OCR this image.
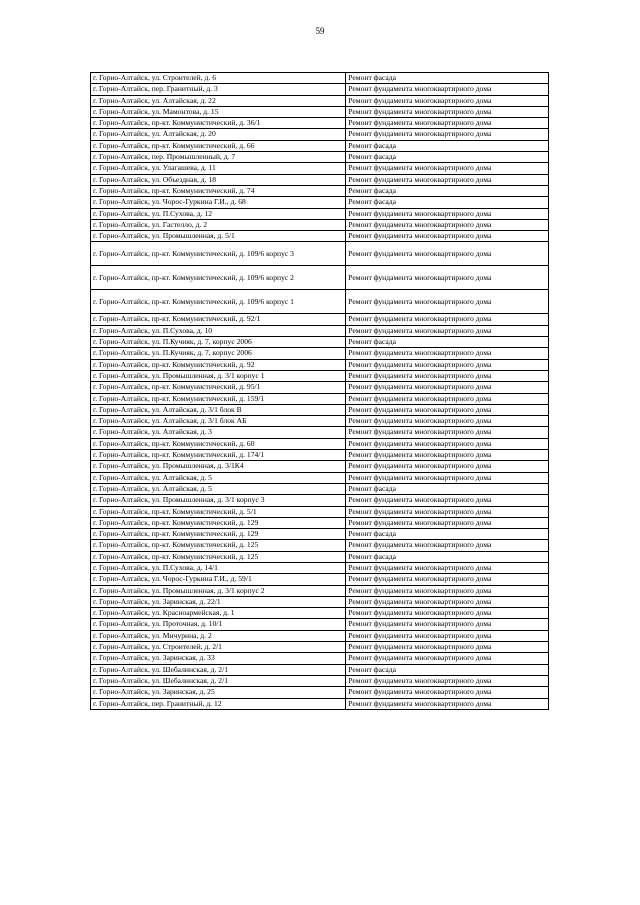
59
г. Горно-Алтайск, ул. Строителей, д. 6	Ремонт фасада
г. Горно-Алтайск, пер. Гранитный, д. 3	Ремонт фундамента многоквартирного дома
г. Горно-Алтайск, ул. Алтайская, д. 22	Ремонт фундамента многоквартирного дома
г. Горно-Алтайск, ул. Мамонтова, д. 15	Ремонт фундамента многоквартирного дома
г. Горно-Алтайск, пр-кт. Коммунистический, д. 36/1	Ремонт фундамента многоквартирного дома
г. Горно-Алтайск, ул. Алтайская, д. 20	Ремонт фундамента многоквартирного дома
г. Горно-Алтайск, пр-кт. Коммунистический, д. 66	Ремонт фасада
г. Горно-Алтайск, пер. Промышленный, д. 7	Ремонт фасада
г. Горно-Алтайск, ул. Улагашева, д. 11	Ремонт фундамента многоквартирного дома
г. Горно-Алтайск, ул. Объездная, д. 18	Ремонт фундамента многоквартирного дома
г. Горно-Алтайск, пр-кт. Коммунистический, д. 74	Ремонт фасада
г. Горно-Алтайск, ул. Чорос-Гуркина Г.И., д. 68	Ремонт фасада
г. Горно-Алтайск, ул. П.Сухова, д. 12	Ремонт фундамента многоквартирного дома
г. Горно-Алтайск, ул. Гастелло, д. 2	Ремонт фундамента многоквартирного дома
г. Горно-Алтайск, ул. Промышленная, д. 5/1	Ремонт фундамента многоквартирного дома
г. Горно-Алтайск, пр-кт. Коммунистический, д. 109/6 корпус 3	Ремонт фундамента многоквартирного дома
г. Горно-Алтайск, пр-кт. Коммунистический, д. 109/6 корпус 2	Ремонт фундамента многоквартирного дома
г. Горно-Алтайск, пр-кт. Коммунистический, д. 109/6 корпус 1	Ремонт фундамента многоквартирного дома
г. Горно-Алтайск, пр-кт. Коммунистический, д. 92/1	Ремонт фундамента многоквартирного дома
г. Горно-Алтайск, ул. П.Сухова, д. 10	Ремонт фундамента многоквартирного дома
г. Горно-Алтайск, ул. П.Кучияк, д. 7, корпус 2006	Ремонт фасада
г. Горно-Алтайск, ул. П.Кучияк, д. 7, корпус 2006	Ремонт фундамента многоквартирного дома
г. Горно-Алтайск, пр-кт. Коммунистический, д. 92	Ремонт фундамента многоквартирного дома
г. Горно-Алтайск, ул. Промышленная, д. 3/1 корпус 1	Ремонт фундамента многоквартирного дома
г. Горно-Алтайск, пр-кт. Коммунистический, д. 95/1	Ремонт фундамента многоквартирного дома
г. Горно-Алтайск, пр-кт. Коммунистический, д. 159/1	Ремонт фундамента многоквартирного дома
г. Горно-Алтайск, ул. Алтайская, д. 3/1 блок В	Ремонт фундамента многоквартирного дома
г. Горно-Алтайск, ул. Алтайская, д. 3/1 блок АБ	Ремонт фундамента многоквартирного дома
г. Горно-Алтайск, ул. Алтайская, д. 3	Ремонт фундамента многоквартирного дома
г. Горно-Алтайск, пр-кт. Коммунистический, д. 60	Ремонт фундамента многоквартирного дома
г. Горно-Алтайск, пр-кт. Коммунистический, д. 174/1	Ремонт фундамента многоквартирного дома
г. Горно-Алтайск, ул. Промышленная, д. 3/1К4	Ремонт фундамента многоквартирного дома
г. Горно-Алтайск, ул. Алтайская, д. 5	Ремонт фундамента многоквартирного дома
г. Горно-Алтайск, ул. Алтайская, д. 5	Ремонт фасада
г. Горно-Алтайск, ул. Промышленная, д. 3/1 корпус 3	Ремонт фундамента многоквартирного дома
г. Горно-Алтайск, пр-кт. Коммунистический, д. 5/1	Ремонт фундамента многоквартирного дома
г. Горно-Алтайск, пр-кт. Коммунистический, д. 129	Ремонт фундамента многоквартирного дома
г. Горно-Алтайск, пр-кт. Коммунистический, д. 129	Ремонт фасада
г. Горно-Алтайск, пр-кт. Коммунистический, д. 125	Ремонт фундамента многоквартирного дома
г. Горно-Алтайск, пр-кт. Коммунистический, д. 125	Ремонт фасада
г. Горно-Алтайск, ул. П.Сухова, д. 14/1	Ремонт фундамента многоквартирного дома
г. Горно-Алтайск, ул. Чорос-Гуркина Г.И., д. 59/1	Ремонт фундамента многоквартирного дома
г. Горно-Алтайск, ул. Промышленная, д. 3/1 корпус 2	Ремонт фундамента многоквартирного дома
г. Горно-Алтайск, ул. Заринская, д. 22/1	Ремонт фундамента многоквартирного дома
г. Горно-Алтайск, ул. Красноармейская, д. 1	Ремонт фундамента многоквартирного дома
г. Горно-Алтайск, ул. Проточная, д. 10/1	Ремонт фундамента многоквартирного дома
г. Горно-Алтайск, ул. Мичурина, д. 2	Ремонт фундамента многоквартирного дома
г. Горно-Алтайск, ул. Строителей, д. 2/1	Ремонт фундамента многоквартирного дома
г. Горно-Алтайск, ул. Заринская, д. 33	Ремонт фундамента многоквартирного дома
г. Горно-Алтайск, ул. Шебалинская, д. 2/1	Ремонт фасада
г. Горно-Алтайск, ул. Шебалинская, д. 2/1	Ремонт фундамента многоквартирного дома
г. Горно-Алтайск, ул. Заринская, д. 25	Ремонт фундамента многоквартирного дома
г. Горно-Алтайск, пер. Гранитный, д. 12	Ремонт фундамента многоквартирного дома
